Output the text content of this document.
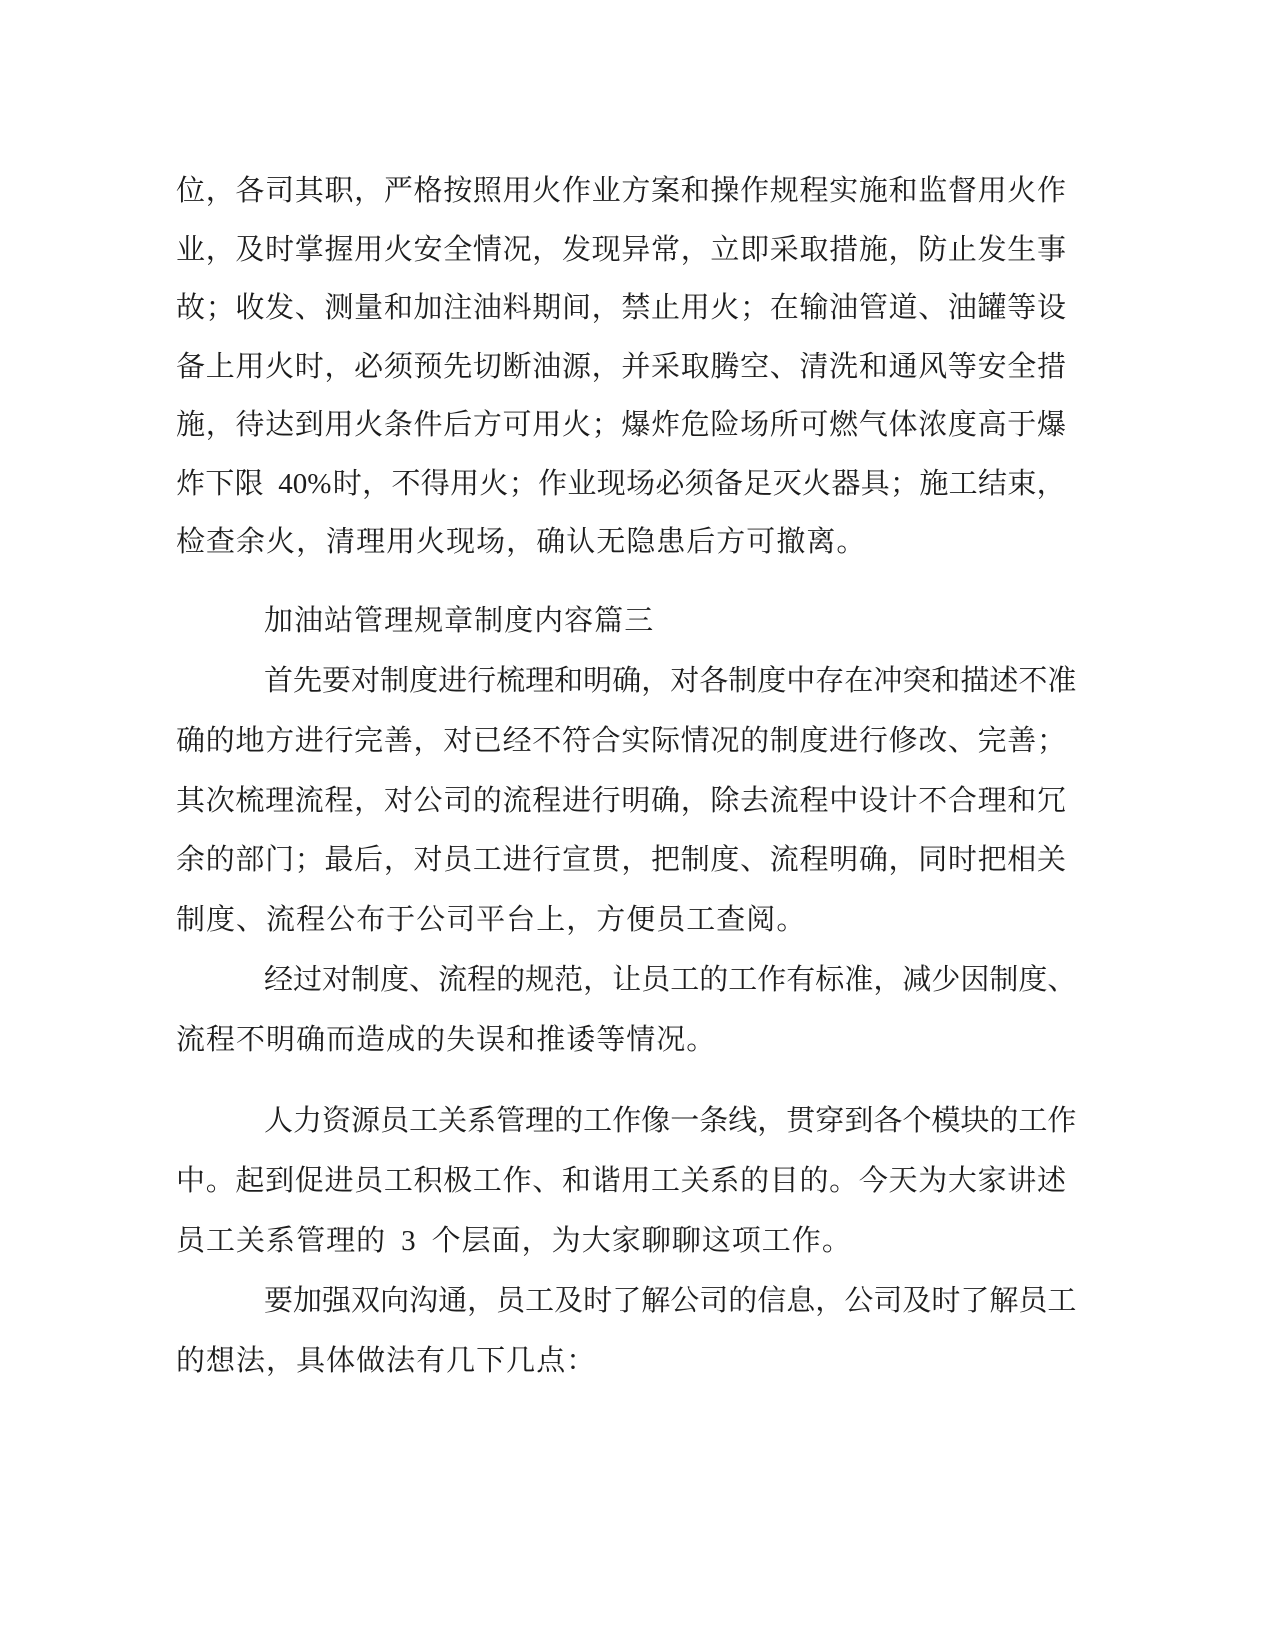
位 ， 各 司 其 职 ， 严 格 按 照 用 火 作 业 方 案 和 操 作 规 程 实 施 和 监 督 用 火 作
业 ， 及 时 掌 握 用 火 安 全 情 况 ， 发 现 异 常 ， 立 即 采 取 措 施 ， 防 止 发 生 事
故 ； 收 发 、 测 量 和 加 注 油 料 期 间 ， 禁 止 用 火 ； 在 输 油 管 道 、 油 罐 等 设
备 上 用 火 时 ， 必 须 预 先 切 断 油 源 ， 并 采 取 腾 空 、 清 洗 和 通 风 等 安 全 措
施 ， 待 达 到 用 火 条 件 后 方 可 用 火 ； 爆 炸 危 险 场 所 可 燃 气 体 浓 度 高 于 爆
炸 下 限 40% 时 ， 不 得 用 火 ； 作 业 现 场 必 须 备 足 灭 火 器 具 ； 施 工 结 束 ，
检 查 余 火 ， 清 理 用 火 现 场 ， 确 认 无 隐 患 后 方 可 撤 离 。
加 油 站 管 理 规 章 制 度 内 容 篇 三
首 先 要 对 制 度 进 行 梳 理 和 明 确 ， 对 各 制 度 中 存 在 冲 突 和 描 述 不 准
确 的 地 方 进 行 完 善 ， 对 已 经 不 符 合 实 际 情 况 的 制 度 进 行 修 改 、 完 善 ；
其 次 梳 理 流 程 ， 对 公 司 的 流 程 进 行 明 确 ， 除 去 流 程 中 设 计 不 合 理 和 冗
余 的 部 门 ； 最 后 ， 对 员 工 进 行 宣 贯 ， 把 制 度 、 流 程 明 确 ， 同 时 把 相 关
制 度 、 流 程 公 布 于 公 司 平 台 上 ， 方 便 员 工 查 阅 。
经 过 对 制 度 、 流 程 的 规 范 ， 让 员 工 的 工 作 有 标 准 ， 减 少 因 制 度 、
流 程 不 明 确 而 造 成 的 失 误 和 推 诿 等 情 况 。
人 力 资 源 员 工 关 系 管 理 的 工 作 像 一 条 线 ， 贯 穿 到 各 个 模 块 的 工 作
中 。 起 到 促 进 员 工 积 极 工 作 、 和 谐 用 工 关 系 的 目 的 。 今 天 为 大 家 讲 述
员 工 关 系 管 理 的 3 个 层 面 ， 为 大 家 聊 聊 这 项 工 作 。
要 加 强 双 向 沟 通 ， 员 工 及 时 了 解 公 司 的 信 息 ， 公 司 及 时 了 解 员 工
的 想 法 ， 具 体 做 法 有 几 下 几 点 ：
